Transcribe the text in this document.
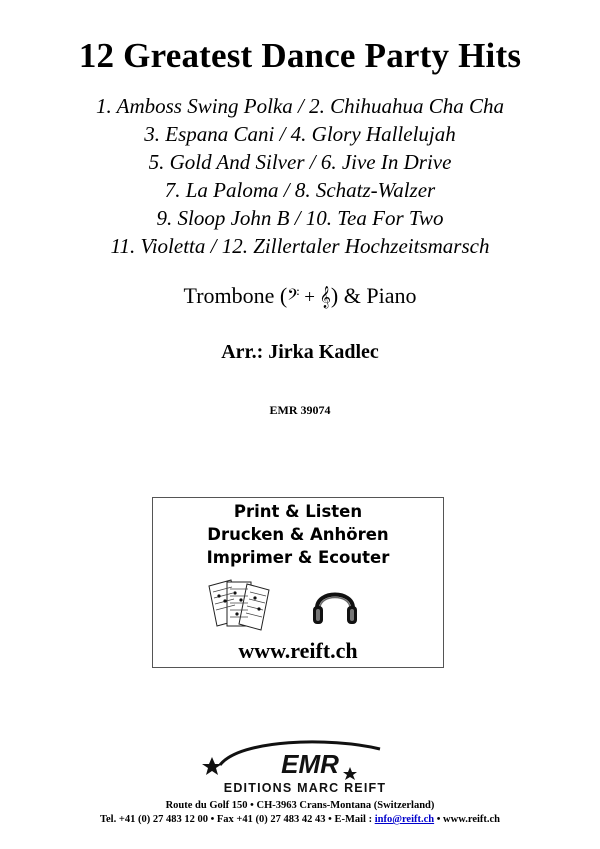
12 Greatest Dance Party Hits

1. Amboss Swing Polka / 2. Chihuahua Cha Cha

3. Espana Cani / 4. Glory Hallelujah

5. Gold And Silver / 6. Jive In Drive

7. La Paloma / 8. Schatz-Walzer

9. Sloop John B / 10. Tea For Two

11. Violetta / 12. Zillertaler Hochzeitsmarsch

Trombone (𝄢 + 𝄞) & Piano
Arr.: Jirka Kadlec
EMR 39074
Print & Listen
Drucken & Anhören
Imprimer & Ecouter
www.reift.ch
EMR
EDITIONS MARC REIFT
Route du Golf 150 • CH-3963 Crans-Montana (Switzerland)
Tel. +41 (0) 27 483 12 00 • Fax +41 (0) 27 483 42 43 • E-Mail : info@reift.ch • www.reift.ch
